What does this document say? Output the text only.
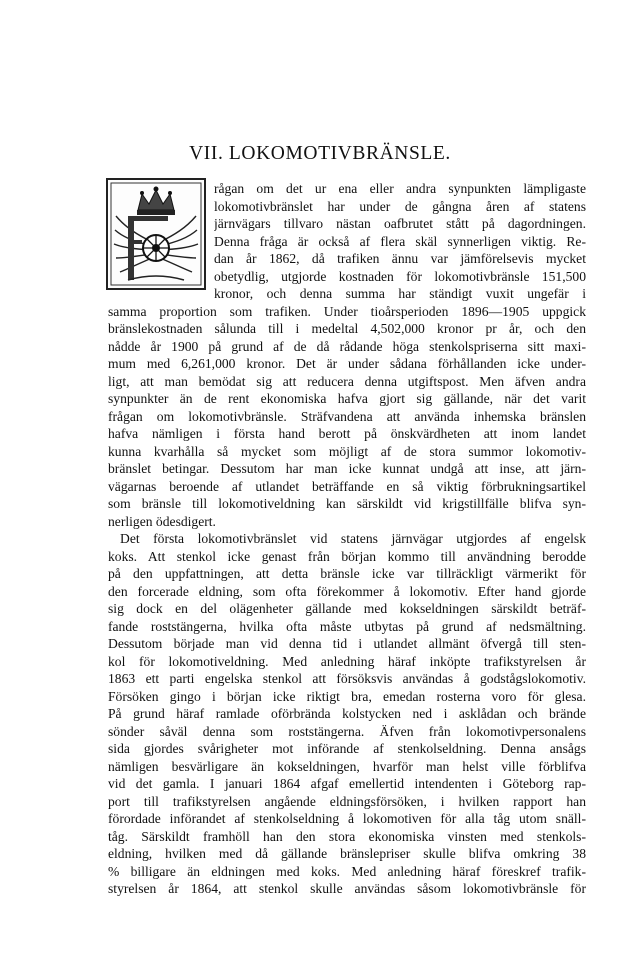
VII. LOKOMOTIVBRÄNSLE.
rågan om det ur ena eller andra synpunkten lämpligaste
lokomotivbränslet har under de gångna åren af statens
järnvägars tillvaro nästan oafbrutet stått på dagordningen.
Denna fråga är också af flera skäl synnerligen viktig. Re-
dan år 1862, då trafiken ännu var jämförelsevis mycket
obetydlig, utgjorde kostnaden för lokomotivbränsle 151,500
kronor, och denna summa har ständigt vuxit ungefär i
samma proportion som trafiken. Under tioårsperioden 1896—1905 uppgick
bränslekostnaden sålunda till i medeltal 4,502,000 kronor pr år, och den
nådde år 1900 på grund af de då rådande höga stenkolspriserna sitt maxi-
mum med 6,261,000 kronor. Det är under sådana förhållanden icke under-
ligt, att man bemödat sig att reducera denna utgiftspost. Men äfven andra
synpunkter än de rent ekonomiska hafva gjort sig gällande, när det varit
frågan om lokomotivbränsle. Sträfvandena att använda inhemska bränslen
hafva nämligen i första hand berott på önskvärdheten att inom landet
kunna kvarhålla så mycket som möjligt af de stora summor lokomotiv-
bränslet betingar. Dessutom har man icke kunnat undgå att inse, att järn-
vägarnas beroende af utlandet beträffande en så viktig förbrukningsartikel
som bränsle till lokomotiveldning kan särskildt vid krigstillfälle blifva syn-
nerligen ödesdigert.
Det första lokomotivbränslet vid statens järnvägar utgjordes af engelsk
koks. Att stenkol icke genast från början kommo till användning berodde
på den uppfattningen, att detta bränsle icke var tillräckligt värmerikt för
den forcerade eldning, som ofta förekommer å lokomotiv. Efter hand gjorde
sig dock en del olägenheter gällande med kokseldningen särskildt beträf-
fande roststängerna, hvilka ofta måste utbytas på grund af nedsmältning.
Dessutom började man vid denna tid i utlandet allmänt öfvergå till sten-
kol för lokomotiveldning. Med anledning häraf inköpte trafikstyrelsen år
1863 ett parti engelska stenkol att försöksvis användas å godstågslokomotiv.
Försöken gingo i början icke riktigt bra, emedan rosterna voro för glesa.
På grund häraf ramlade oförbrända kolstycken ned i asklådan och brände
sönder såväl denna som roststängerna. Äfven från lokomotivpersonalens
sida gjordes svårigheter mot införande af stenkolseldning. Denna ansågs
nämligen besvärligare än kokseldningen, hvarför man helst ville förblifva
vid det gamla. I januari 1864 afgaf emellertid intendenten i Göteborg rap-
port till trafikstyrelsen angående eldningsförsöken, i hvilken rapport han
förordade införandet af stenkolseldning å lokomotiven för alla tåg utom snäll-
tåg. Särskildt framhöll han den stora ekonomiska vinsten med stenkols-
eldning, hvilken med då gällande bränslepriser skulle blifva omkring 38
% billigare än eldningen med koks. Med anledning häraf föreskref trafik-
styrelsen år 1864, att stenkol skulle användas såsom lokomotivbränsle för
